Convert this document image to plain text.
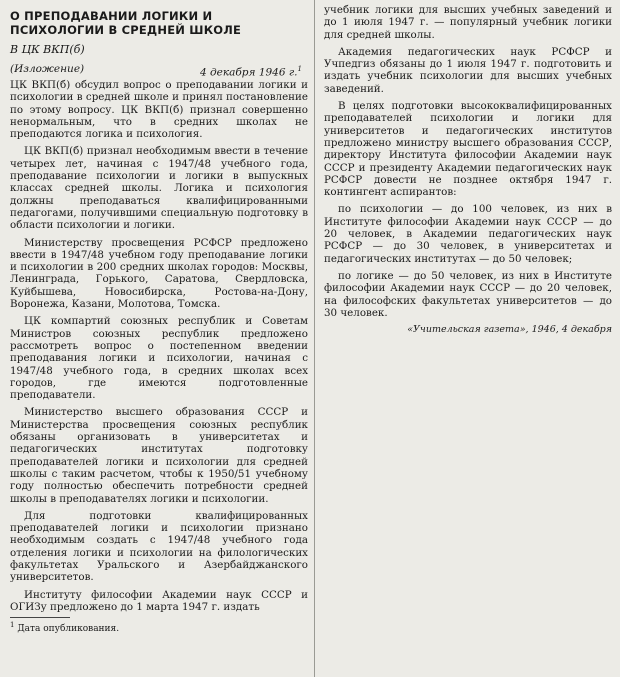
О ПРЕПОДАВАНИИ ЛОГИКИ И
ПСИХОЛОГИИ В СРЕДНЕЙ ШКОЛЕ
В ЦК ВКП(б)
(Изложение)	4 декабря 1946 г.$^1$

ЦК ВКП(б) обсудил вопрос о преподавании логики и психологии в средней школе и принял постановление по этому вопросу. ЦК ВКП(б) признал совершенно ненормальным, что в средних школах не преподаются логика и психология.

ЦК ВКП(б) признал необходимым ввести в течение четырех лет, начиная с 1947/48 учебного года, преподавание психологии и логики в выпускных классах средней школы. Логика и психология должны преподаваться квалифицированными педагогами, получившими специальную подготовку в области психологии и логики.

Министерству просвещения РСФСР предложено ввести в 1947/48 учебном году преподавание логики и психологии в 200 средних школах городов: Москвы, Ленинграда, Горького, Саратова, Свердловска, Куйбышева, Новосибирска, Ростова-на-Дону, Воронежа, Казани, Молотова, Томска.

ЦК компартий союзных республик и Советам Министров союзных республик предложено рассмотреть вопрос о постепенном введении преподавания логики и психологии, начиная с 1947/48 учебного года, в средних школах всех городов, где имеются подготовленные преподаватели.

Министерство высшего образования СССР и Министерства просвещения союзных республик обязаны организовать в университетах и педагогических институтах подготовку преподавателей логики и психологии для средней школы с таким расчетом, чтобы к 1950/51 учебному году полностью обеспечить потребности средней школы в преподавателях логики и психологии.

Для подготовки квалифицированных преподавателей логики и психологии признано необходимым создать с 1947/48 учебного года отделения логики и психологии на филологических факультетах Уральского и Азербайджанского университетов.

Институту философии Академии наук СССР и ОГИЗу предложено до 1 марта 1947 г. издать

$^1$ Дата опубликования.

учебник логики для высших учебных заведений и до 1 июля 1947 г. — популярный учебник логики для средней школы.

Академия педагогических наук РСФСР и Учпедгиз обязаны до 1 июля 1947 г. подготовить и издать учебник психологии для высших учебных заведений.

В целях подготовки высококвалифицированных преподавателей психологии и логики для университетов и педагогических институтов предложено министру высшего образования СССР, директору Института философии Академии наук СССР и президенту Академии педагогических наук РСФСР довести не позднее октября 1947 г. контингент аспирантов:

по психологии — до 100 человек, из них в Институте философии Академии наук СССР — до 20 человек, в Академии педагогических наук РСФСР — до 30 человек, в университетах и педагогических институтах — до 50 человек;

по логике — до 50 человек, из них в Институте философии Академии наук СССР — до 20 человек, на философских факультетах университетов — до 30 человек.

«Учительская газета», 1946, 4 декабря
